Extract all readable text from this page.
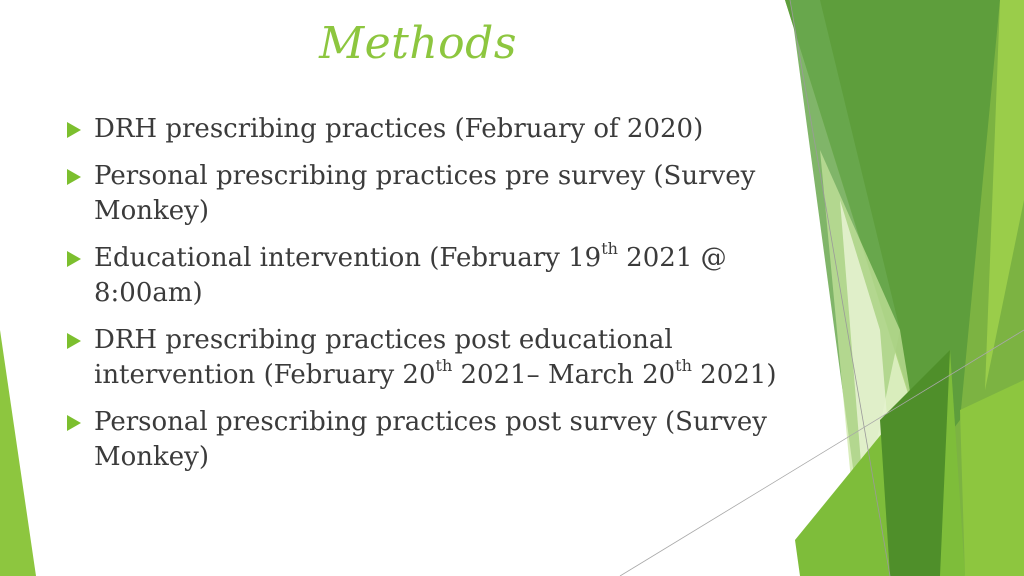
Methods
DRH prescribing practices (February of 2020)
Personal prescribing practices pre survey (Survey Monkey)
Educational intervention (February 19th 2021 @ 8:00am)
DRH prescribing practices post educational intervention (February 20th 2021– March 20th 2021)
Personal prescribing practices post survey (Survey Monkey)
